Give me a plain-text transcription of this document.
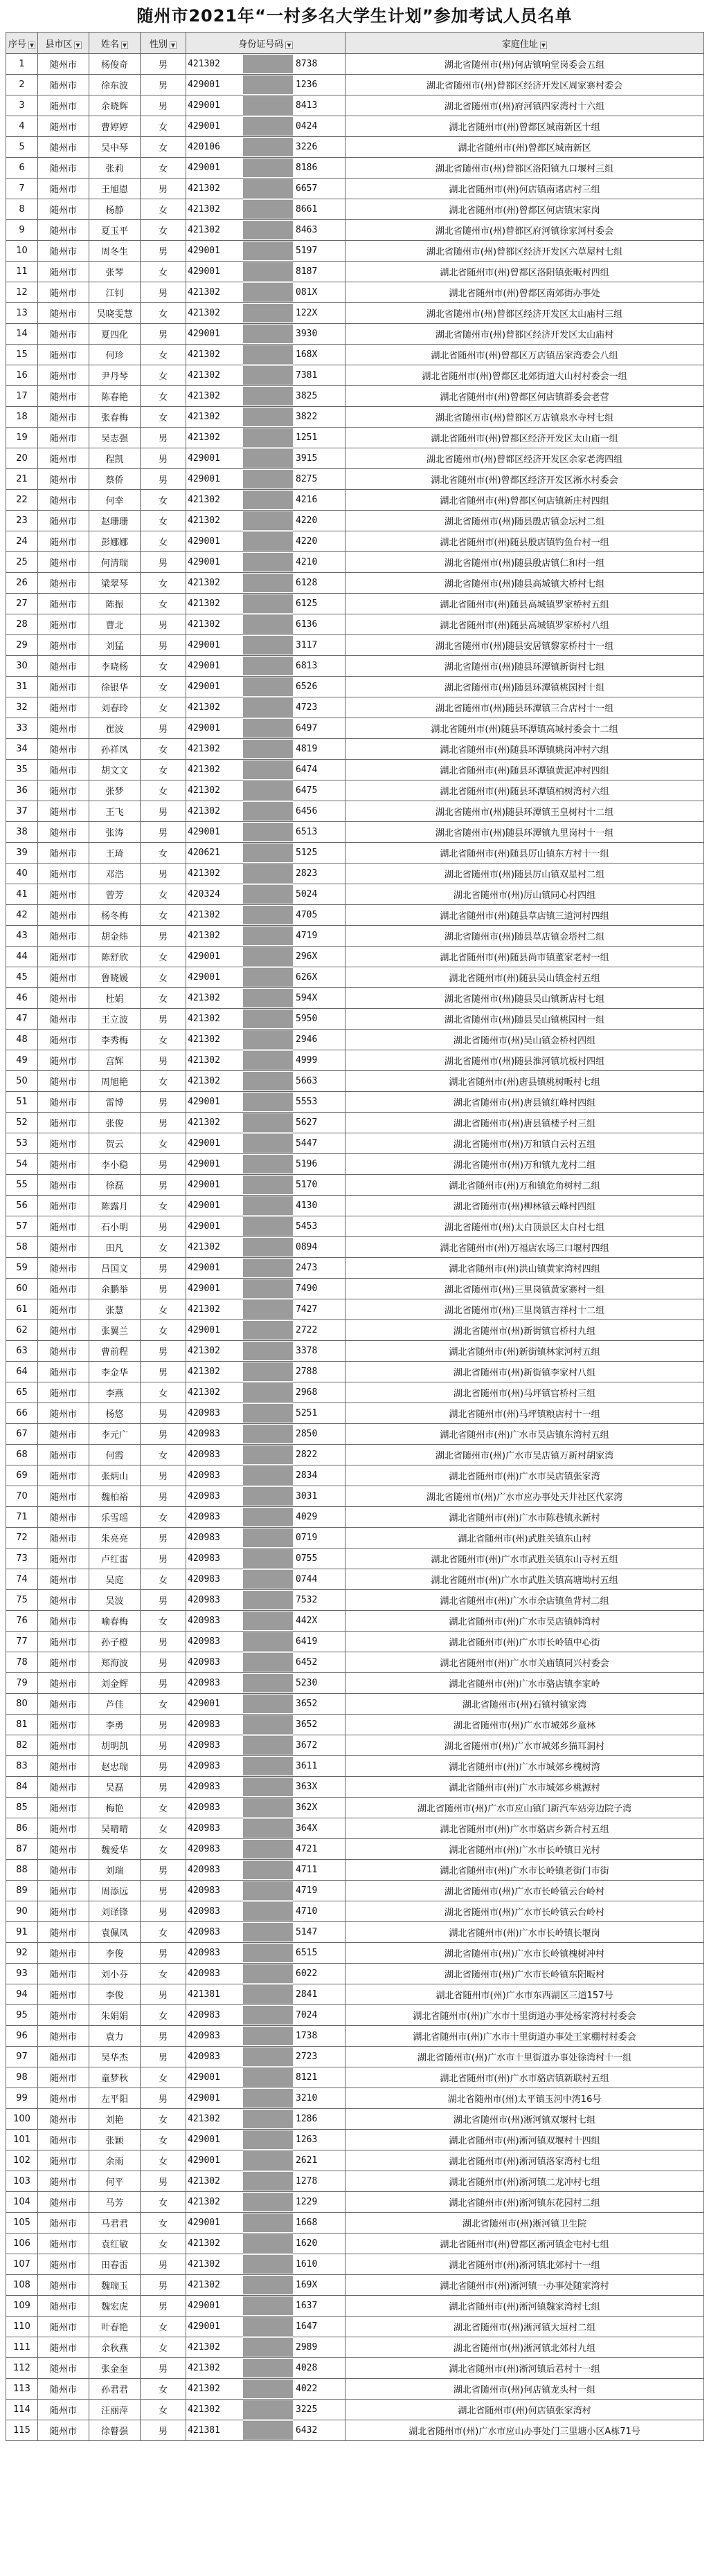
随州市2021年“一村多名大学生计划”参加考试人员名单
序号 ▼	县市区 ▼	姓名 ▼	性别 ▼	身份证号码 ▼	家庭住址 ▼
1	随州市	杨俊奇	男	421302 8738	湖北省随州市(州)何店镇响堂岗委会五组
2	随州市	徐东波	男	429001 1236	湖北省随州市(州)曾都区经济开发区周家寨村委会
3	随州市	余晓辉	男	429001 8413	湖北省随州市(州)府河镇四家湾村十六组
4	随州市	曹婷婷	女	429001 0424	湖北省随州市(州)曾都区城南新区十组
5	随州市	吴中琴	女	420106 3226	湖北省随州市(州)曾都区城南新区
6	随州市	张莉	女	429001 8186	湖北省随州市(州)曾都区洛阳镇九口堰村三组
7	随州市	王旭恩	男	421302 6657	湖北省随州市(州)何店镇南诸店村三组
8	随州市	杨静	女	421302 8661	湖北省随州市(州)曾都区何店镇宋家岗
9	随州市	夏玉平	女	421302 8463	湖北省随州市(州)曾都区府河镇徐家河村委会
10	随州市	周冬生	男	429001 5197	湖北省随州市(州)曾都区经济开发区六草屋村七组
11	随州市	张琴	女	429001 8187	湖北省随州市(州)曾都区洛阳镇张畈村四组
12	随州市	江钊	男	421302 081X	湖北省随州市(州)曾都区南郊街办事处
13	随州市	吴晓雯慧	女	421302 122X	湖北省随州市(州)曾都区经济开发区太山庙村三组
14	随州市	夏四化	男	429001 3930	湖北省随州市(州)曾都区经济开发区太山庙村
15	随州市	何珍	女	421302 168X	湖北省随州市(州)曾都区万店镇岳家湾委会八组
16	随州市	尹丹琴	女	421302 7381	湖北省随州市(州)曾都区北郊街道大山村村委会一组
17	随州市	陈春艳	女	421302 3825	湖北省随州市(州)曾都区何店镇群委会老营
18	随州市	张春梅	女	421302 3822	湖北省随州市(州)曾都区万店镇泉水寺村七组
19	随州市	吴志强	男	421302 1251	湖北省随州市(州)曾都区经济开发区太山庙一组
20	随州市	程凯	男	429001 3915	湖北省随州市(州)曾都区经济开发区余家老湾四组
21	随州市	蔡侨	男	429001 8275	湖北省随州市(州)曾都区经济开发区淅水村委会
22	随州市	何幸	女	421302 4216	湖北省随州市(州)曾都区何店镇新庄村四组
23	随州市	赵珊珊	女	421302 4220	湖北省随州市(州)随县殷店镇金坛村二组
24	随州市	彭娜娜	女	429001 4220	湖北省随州市(州)随县殷店镇钓鱼台村一组
25	随州市	何清瑞	男	429001 4210	湖北省随州市(州)随县殷店镇仁和村一组
26	随州市	梁翠琴	女	421302 6128	湖北省随州市(州)随县高城镇大桥村七组
27	随州市	陈振	女	421302 6125	湖北省随州市(州)随县高城镇罗家桥村五组
28	随州市	曹北	男	421302 6136	湖北省随州市(州)随县高城镇罗家桥村八组
29	随州市	刘猛	男	429001 3117	湖北省随州市(州)随县安居镇黎家桥村十一组
30	随州市	李晓杨	女	429001 6813	湖北省随州市(州)随县环潭镇新街村七组
31	随州市	徐银华	女	429001 6526	湖北省随州市(州)随县环潭镇桃园村十组
32	随州市	刘春玲	女	421302 4723	湖北省随州市(州)随县环潭镇三合店村十一组
33	随州市	崔波	男	429001 6497	湖北省随州市(州)随县环潭镇高城村委会十二组
34	随州市	孙祥凤	女	421302 4819	湖北省随州市(州)随县环潭镇姚岗冲村六组
35	随州市	胡文文	女	421302 6474	湖北省随州市(州)随县环潭镇黄泥冲村四组
36	随州市	张梦	女	421302 6475	湖北省随州市(州)随县环潭镇柏树湾村六组
37	随州市	王飞	男	421302 6456	湖北省随州市(州)随县环潭镇王皇树村十二组
38	随州市	张涛	男	429001 6513	湖北省随州市(州)随县环潭镇九里岗村十一组
39	随州市	王琦	女	420621 5125	湖北省随州市(州)随县厉山镇东方村十一组
40	随州市	邓浩	男	421302 2823	湖北省随州市(州)随县厉山镇双星村二组
41	随州市	曾芳	女	420324 5024	湖北省随州市(州)厉山镇同心村四组
42	随州市	杨冬梅	女	421302 4705	湖北省随州市(州)随县草店镇三道河村四组
43	随州市	胡金炜	男	421302 4719	湖北省随州市(州)随县草店镇金塔村二组
44	随州市	陈舒欣	女	429001 296X	湖北省随州市(州)随县尚市镇董家老村一组
45	随州市	鲁晓媛	女	429001 626X	湖北省随州市(州)随县吴山镇金村五组
46	随州市	杜娟	女	421302 594X	湖北省随州市(州)随县吴山镇新店村七组
47	随州市	王立波	男	421302 5950	湖北省随州市(州)随县吴山镇桃园村一组
48	随州市	李秀梅	女	421302 2946	湖北省随州市(州)吴山镇金桥村四组
49	随州市	宫辉	男	421302 4999	湖北省随州市(州)随县淮河镇坑板村四组
50	随州市	周旭艳	女	421302 5663	湖北省随州市(州)唐县镇桃树畈村七组
51	随州市	雷博	男	429001 5553	湖北省随州市(州)唐县镇红峰村四组
52	随州市	张俊	男	421302 5627	湖北省随州市(州)唐县镇楼子村三组
53	随州市	贺云	女	429001 5447	湖北省随州市(州)万和镇白云村五组
54	随州市	李小稳	男	429001 5196	湖北省随州市(州)万和镇九龙村二组
55	随州市	徐磊	男	429001 5170	湖北省随州市(州)万和镇危角树村二组
56	随州市	陈露月	女	429001 4130	湖北省随州市(州)柳林镇云峰村四组
57	随州市	石小明	男	429001 5453	湖北省随州市(州)太白顶景区太白村七组
58	随州市	田凡	女	421302 0894	湖北省随州市(州)万福店农场三口堰村四组
59	随州市	吕国文	男	429001 2473	湖北省随州市(州)洪山镇黄家湾村四组
60	随州市	余鹏举	男	429001 7490	湖北省随州市(州)三里岗镇黄家寨村一组
61	随州市	张慧	女	421302 7427	湖北省随州市(州)三里岗镇吉祥村十二组
62	随州市	张翼兰	女	429001 2722	湖北省随州市(州)新街镇官桥村九组
63	随州市	曹前程	男	421302 3378	湖北省随州市(州)新街镇林家河村五组
64	随州市	李金华	男	421302 2788	湖北省随州市(州)新街镇李家村八组
65	随州市	李燕	女	421302 2968	湖北省随州市(州)马坪镇官桥村三组
66	随州市	杨悠	男	420983 5251	湖北省随州市(州)马坪镇粮店村十一组
67	随州市	李元广	男	420983 2850	湖北省随州市(州)广水市吴店镇东湾村五组
68	随州市	何霞	女	420983 2822	湖北省随州市(州)广水市吴店镇万新村胡家湾
69	随州市	张炳山	男	420983 2834	湖北省随州市(州)广水市吴店镇张家湾
70	随州市	魏柏裕	男	420983 3031	湖北省随州市(州)广水市应办事处天井社区代家湾
71	随州市	乐雪瑶	女	420983 4029	湖北省随州市(州)广水市陈巷镇永新村
72	随州市	朱亮亮	男	420983 0719	湖北省随州市(州)武胜关镇东山村
73	随州市	卢红雷	男	420983 0755	湖北省随州市(州)广水市武胜关镇东山寺村五组
74	随州市	吴庭	女	420983 0744	湖北省随州市(州)广水市武胜关镇高塘坳村五组
75	随州市	吴波	男	420983 7532	湖北省随州市(州)广水市余店镇鱼背村二组
76	随州市	喻春梅	女	420983 442X	湖北省随州市(州)广水市吴店镇韩湾村
77	随州市	孙子橙	男	420983 6419	湖北省随州市(州)广水市长岭镇中心街
78	随州市	郑海波	男	420983 6452	湖北省随州市(州)广水市关庙镇同兴村委会
79	随州市	刘金辉	男	420983 5230	湖北省随州市(州)广水市骆店镇李家岭
80	随州市	芦佳	女	429001 3652	湖北省随州市(州)石镇村镇家湾
81	随州市	李勇	男	420983 3652	湖北省随州市(州)广水市城郊乡童林
82	随州市	胡明凯	男	420983 3672	湖北省随州市(州)广水市城郊乡猫耳洞村
83	随州市	赵忠瑞	男	420983 3611	湖北省随州市(州)广水市城郊乡槐树湾
84	随州市	吴磊	男	420983 363X	湖北省随州市(州)广水市城郊乡桃源村
85	随州市	梅艳	女	420983 362X	湖北省随州市(州)广水市应山镇门新汽车站旁边院子湾
86	随州市	吴晴晴	女	420983 364X	湖北省随州市(州)广水市骆店乡新合村五组
87	随州市	魏爱华	女	420983 4721	湖北省随州市(州)广水市长岭镇日光村
88	随州市	刘瑞	男	420983 4711	湖北省随州市(州)广水市长岭镇老街门市街
89	随州市	周添远	男	420983 4719	湖北省随州市(州)广水市长岭镇云台岭村
90	随州市	刘译锋	男	420983 4710	湖北省随州市(州)广水市长岭镇云台岭村
91	随州市	袁佩凤	女	420983 5147	湖北省随州市(州)广水市长岭镇长堰岗
92	随州市	李俊	男	420983 6515	湖北省随州市(州)广水市长岭镇槐树冲村
93	随州市	刘小芬	女	420983 6022	湖北省随州市(州)广水市长岭镇东阳畈村
94	随州市	李俊	男	421381 2841	湖北省随州市(州)广水市东西湖区三道157号
95	随州市	朱娟娟	女	420983 7024	湖北省随州市(州)广水市十里街道办事处杨家湾村村委会
96	随州市	袁力	男	420983 1738	湖北省随州市(州)广水市十里街道办事处王家棚村村委会
97	随州市	吴华杰	男	420983 2723	湖北省随州市(州)广水市十里街道办事处徐湾村十一组
98	随州市	童梦秋	女	429001 8121	湖北省随州市(州)广水市骆店镇新联村五组
99	随州市	左平阳	男	429001 3210	湖北省随州市(州)太平镇玉河中湾16号
100	随州市	刘艳	女	421302 1286	湖北省随州市(州)淅河镇双堰村七组
101	随州市	张颖	女	429001 1263	湖北省随州市(州)淅河镇双堰村十四组
102	随州市	余雨	女	429001 2621	湖北省随州市(州)淅河镇洛家湾村七组
103	随州市	何平	男	421302 1278	湖北省随州市(州)淅河镇二龙冲村七组
104	随州市	马芳	女	421302 1229	湖北省随州市(州)淅河镇东花园村二组
105	随州市	马君君	女	429001 1668	湖北省随州市(州)淅河镇卫生院
106	随州市	袁红敏	女	421302 1620	湖北省随州市(州)曾都区淅河镇金屯村七组
107	随州市	田春雷	男	421302 1610	湖北省随州市(州)淅河镇北郊村十一组
108	随州市	魏瑞玉	男	421302 169X	湖北省随州市(州)淅河镇一办事处随家湾村
109	随州市	魏宏虎	男	429001 1637	湖北省随州市(州)淅河镇魏家湾村七组
110	随州市	叶春艳	女	429001 1647	湖北省随州市(州)淅河镇大垣村二组
111	随州市	余秋燕	女	421302 2989	湖北省随州市(州)淅河镇北郊村九组
112	随州市	张金奎	男	421302 4028	湖北省随州市(州)淅河镇后君村十一组
113	随州市	孙君君	女	421302 4022	湖北省随州市(州)何店镇龙头村一组
114	随州市	汪丽萍	女	421302 3225	湖北省随州市(州)何店镇张家湾村
115	随州市	徐瞽强	男	421381 6432	湖北省随州市(州)广水市应山办事处门三里塘小区A栋71号
